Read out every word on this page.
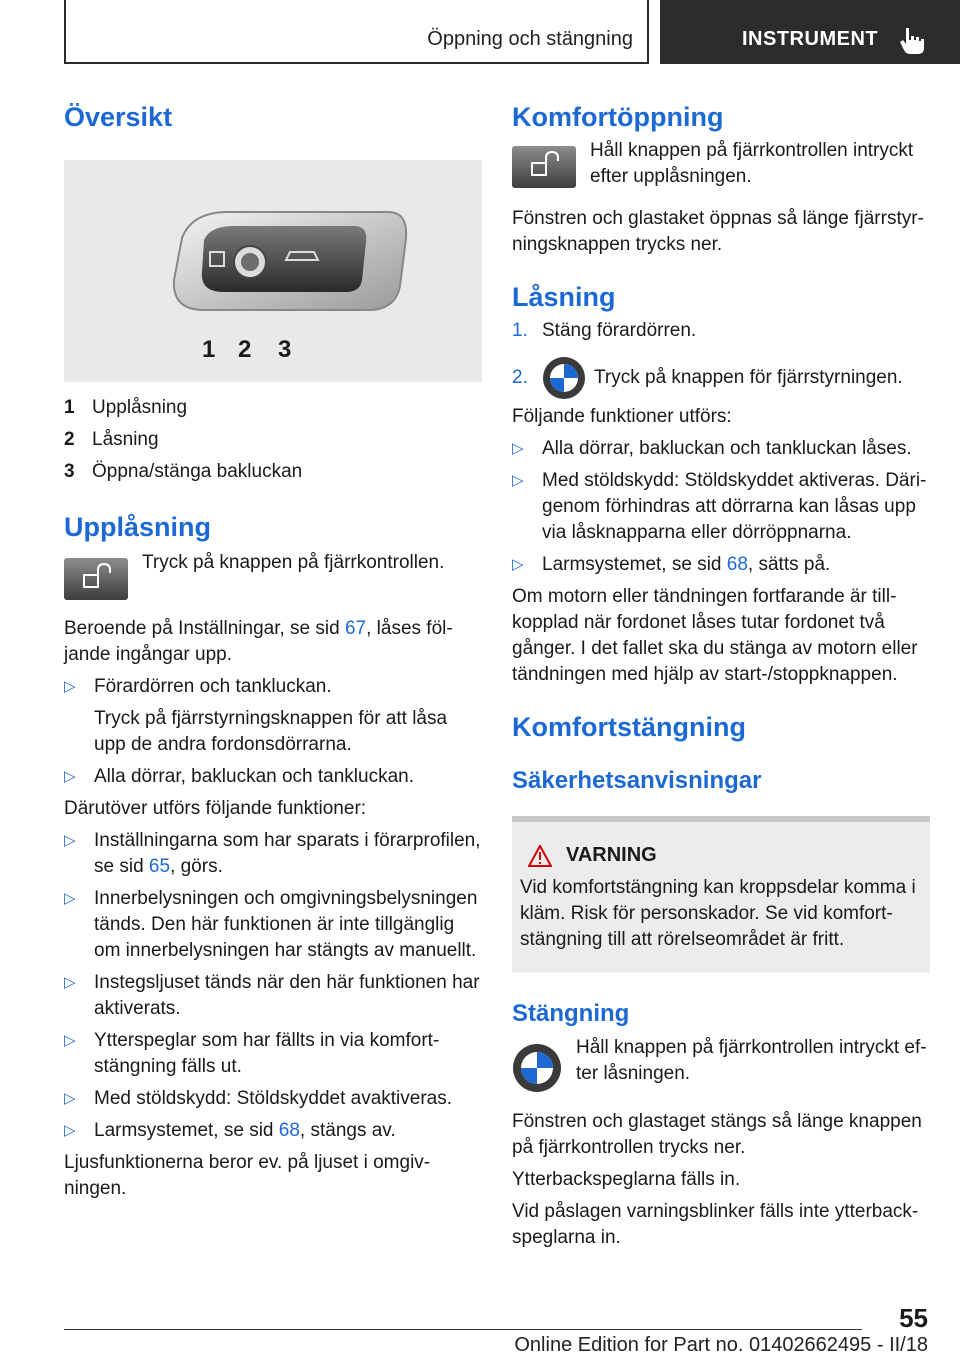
Öppning och stängning	INSTRUMENT
Översikt
1 2 3
1 Upplåsning
2 Låsning
3 Öppna/stänga bakluckan
Upplåsning

Tryck på knappen på fjärrkontrollen.

Beroende på Inställningar, se sid 67, låses föl-jande ingångar upp.

▷ Förardörren och tankluckan.

Tryck på fjärrstyrningsknappen för att låsa upp de andra fordonsdörrarna.
▷ Alla dörrar, bakluckan och tankluckan.

Därutöver utförs följande funktioner:

▷ Inställningarna som har sparats i förarprofilen, se sid 65, görs.
▷ Innerbelysningen och omgivningsbelysningen tänds. Den här funktionen är inte tillgänglig om innerbelysningen har stängts av manuellt.
▷ Instegsljuset tänds när den här funktionen har aktiverats.
▷ Ytterspeglar som har fällts in via komfort-stängning fälls ut.
▷ Med stöldskydd: Stöldskyddet avaktiveras.
▷ Larmsystemet, se sid 68, stängs av.

Ljusfunktionerna beror ev. på ljuset i omgiv-ningen.

Komfortöppning

Håll knappen på fjärrkontrollen intryckt efter upplåsningen.

Fönstren och glastaket öppnas så länge fjärrstyr-ningsknappen trycks ner.

Låsning
1. Stäng förardörren.
2.	Tryck på knappen för fjärrstyrningen.

Följande funktioner utförs:

▷ Alla dörrar, bakluckan och tankluckan låses.
▷ Med stöldskydd: Stöldskyddet aktiveras. Däri-genom förhindras att dörrarna kan låsas upp via låsknapparna eller dörröppnarna.
▷ Larmsystemet, se sid 68, sätts på.

Om motorn eller tändningen fortfarande är till-kopplad när fordonet låses tutar fordonet två gånger. I det fallet ska du stänga av motorn eller tändningen med hjälp av start-/stoppknappen.

Komfortstängning
Säkerhetsanvisningar
VARNING

Vid komfortstängning kan kroppsdelar komma i kläm. Risk för personskador. Se vid komfort-stängning till att rörelseområdet är fritt.

Stängning

Håll knappen på fjärrkontrollen intryckt ef-ter låsningen.

Fönstren och glastaget stängs så länge knappen på fjärrkontrollen trycks ner.

Ytterbackspeglarna fälls in.

Vid påslagen varningsblinker fälls inte ytterback-speglarna in.

55
Online Edition for Part no. 01402662495 - II/18
